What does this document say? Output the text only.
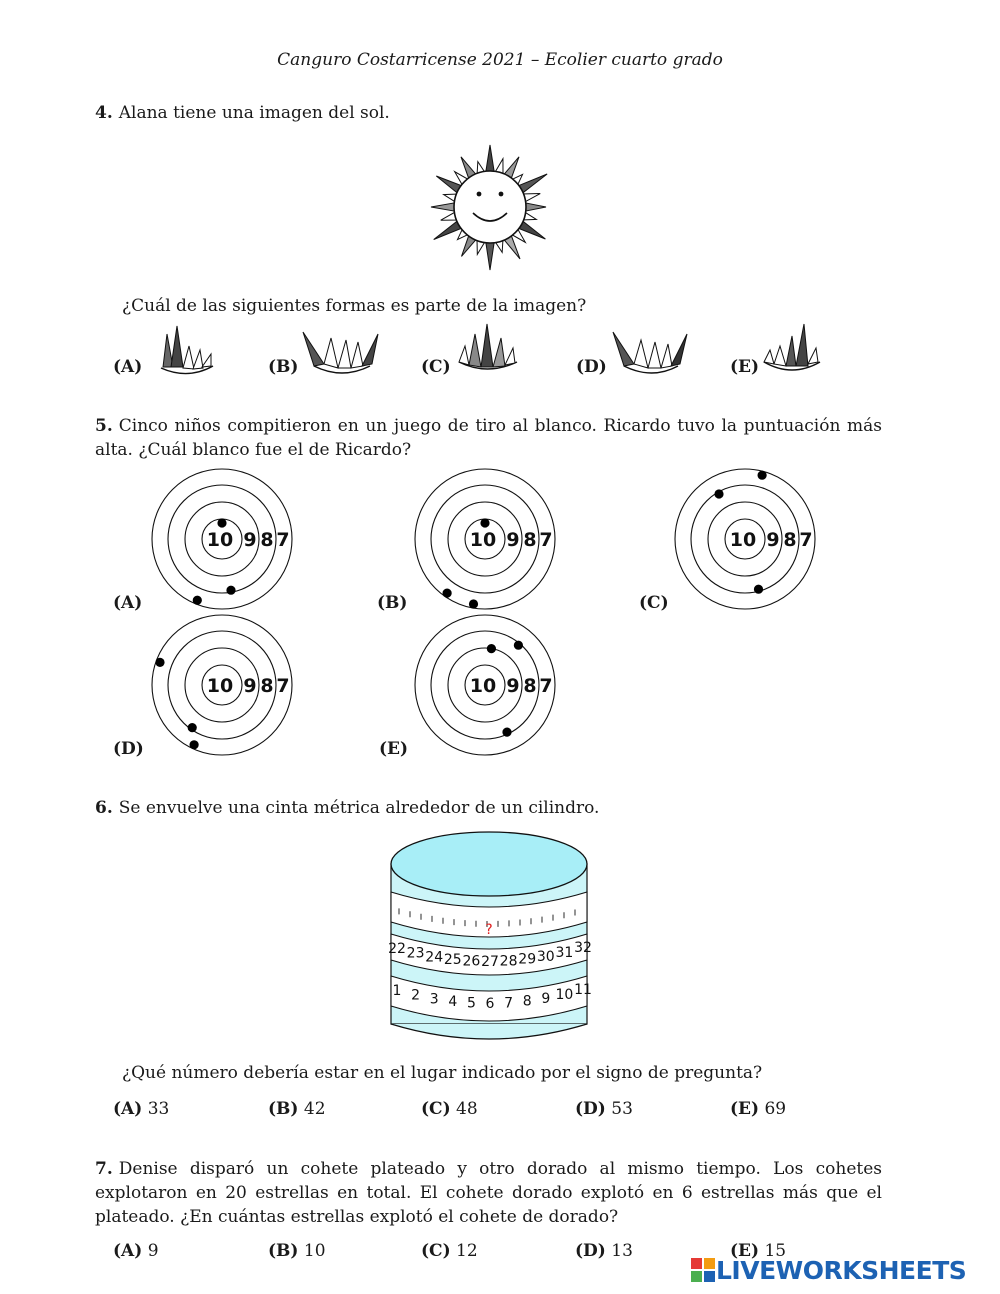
Canguro Costarricense 2021 – Ecolier cuarto grado
4. Alana tiene una imagen del sol.
¿Cuál de las siguientes formas es parte de la imagen?
(A)	(B)	(C)	(D)	(E)
5. Cinco niños compitieron en un juego de tiro al blanco. Ricardo tuvo la puntuación más alta. ¿Cuál blanco fue el de Ricardo?
10 9 8 7
(A)
10 9 8 7
(B)
10 9 8 7
(C)
10 9 8 7
(D)
10 9 8 7
(E)
6. Se envuelve una cinta métrica alrededor de un cilindro.
?
22 23 24 25 26 27 28 29 30 31 32
1 2 3 4 5 6 7 8 9 10 11
¿Qué número debería estar en el lugar indicado por el signo de pregunta?
(A) 33	(B) 42	(C) 48	(D) 53	(E) 69
7. Denise disparó un cohete plateado y otro dorado al mismo tiempo. Los cohetes explotaron en 20 estrellas en total. El cohete dorado explotó en 6 estrellas más que el plateado. ¿En cuántas estrellas explotó el cohete de dorado?
(A) 9	(B) 10	(C) 12	(D) 13	(E) 15
LIVEWORKSHEETS
